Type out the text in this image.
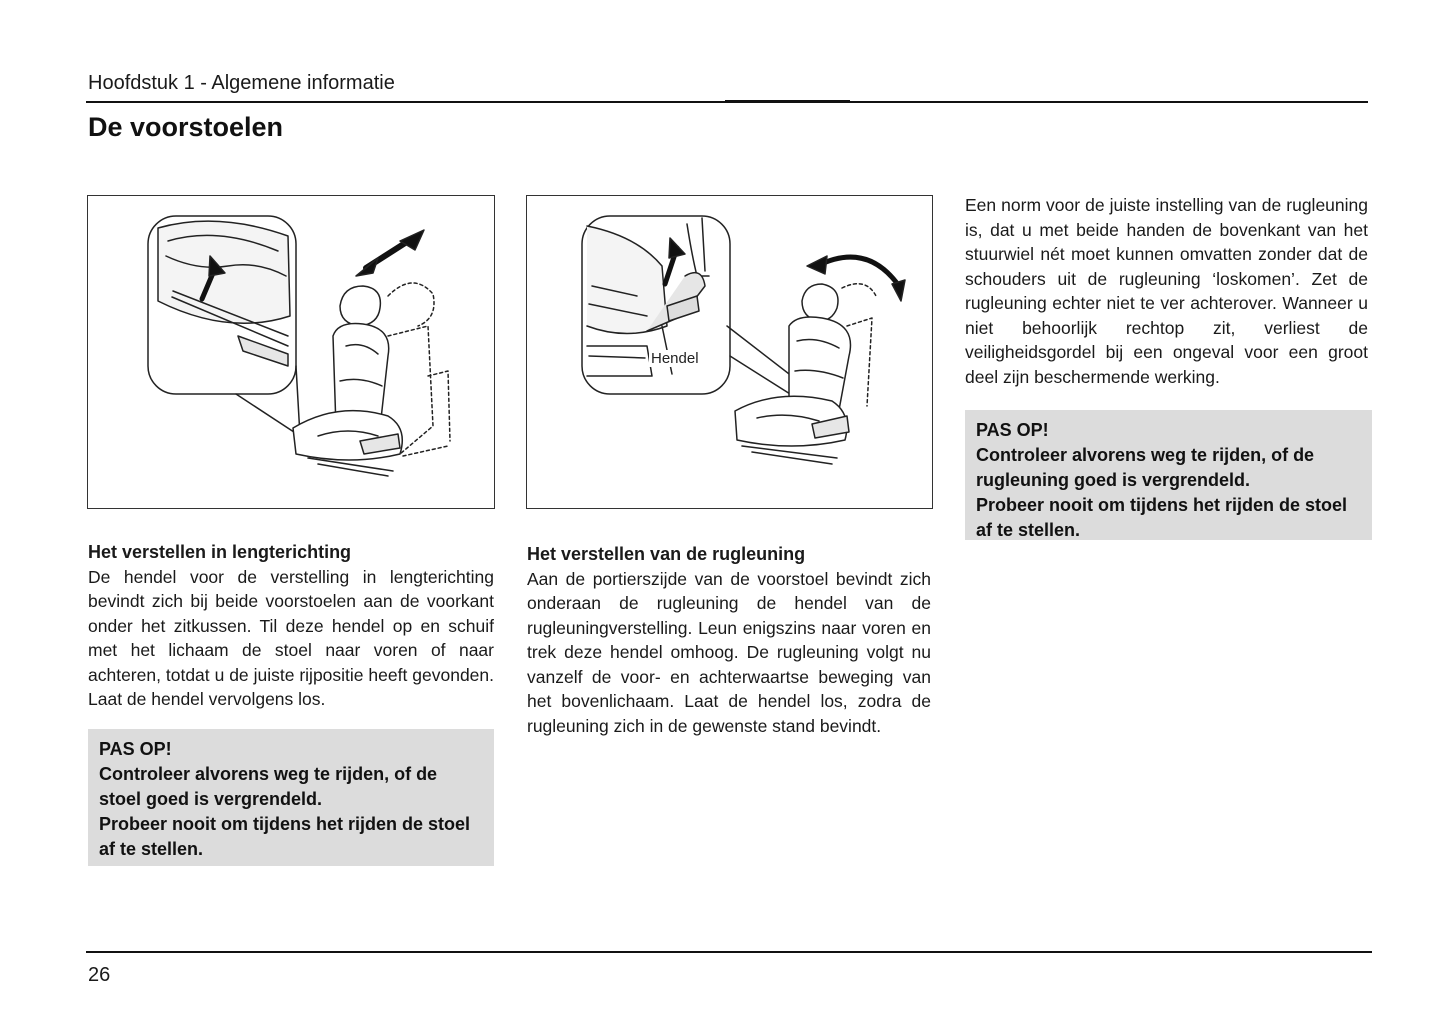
Hoofdstuk 1 - Algemene informatie
De voorstoelen
Hendel

Het verstellen in lengterichting

De hendel voor de verstelling in lengterichting bevindt zich bij beide voorstoelen aan de voorkant onder het zitkussen. Til deze hendel op en schuif met het lichaam de stoel naar voren of naar achteren, totdat u de juiste rijpositie heeft gevonden. Laat de hendel vervolgens los.

PAS OP!

Controleer alvorens weg te rijden, of de stoel goed is vergrendeld.

Probeer nooit om tijdens het rijden de stoel af te stellen.

Het verstellen van de rugleuning

Aan de portierszijde van de voorstoel bevindt zich onderaan de rugleuning de hendel van de rugleuningverstelling. Leun enigszins naar voren en trek deze hendel omhoog. De rugleuning volgt nu vanzelf de voor- en achterwaartse beweging van het bovenlichaam. Laat de hendel los, zodra de rugleuning zich in de gewenste stand bevindt.

Een norm voor de juiste instelling van de rugleuning is, dat u met beide handen de bovenkant van het stuurwiel nét moet kunnen omvatten zonder dat de schouders uit de rugleuning ‘loskomen’. Zet de rugleuning echter niet te ver achterover. Wanneer u niet behoorlijk rechtop zit, verliest de veiligheidsgordel bij een ongeval voor een groot deel zijn beschermende werking.

PAS OP!

Controleer alvorens weg te rijden, of de rugleuning goed is vergrendeld.

Probeer nooit om tijdens het rijden de stoel af te stellen.

26
